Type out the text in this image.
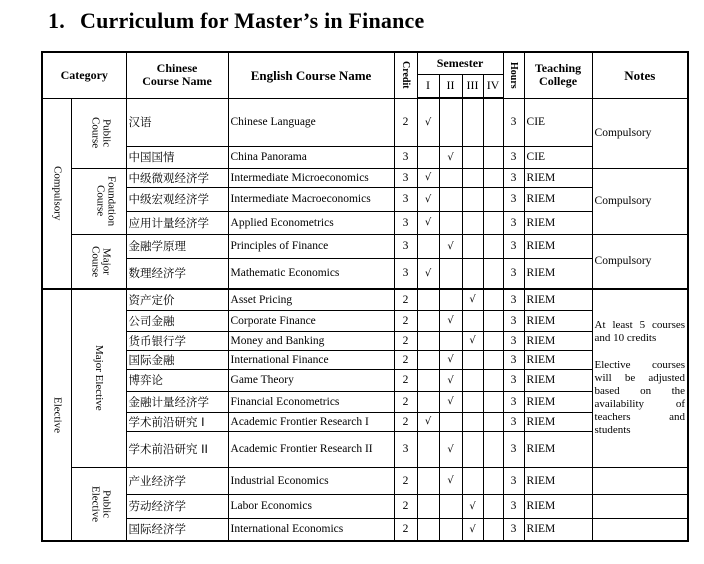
1. Curriculum for Master’s in Finance
Category		Chinese
Course Name	English Course Name	Credit	Semester				Hours	Teaching
College	Notes
					I	II	III	IV			

Compulsory	Public Course	汉语	Chinese Language	2	√				3	CIE	Compulsory
		中国国情	China Panorama	3		√			3	CIE	

	Foundation Course	中级微观经济学	Intermediate Microeconomics	3	√				3	RIEM	Compulsory
		中级宏观经济学	Intermediate Macroeconomics	3	√				3	RIEM	
		应用计量经济学	Applied Econometrics	3	√				3	RIEM	

	Major Course	金融学原理	Principles of Finance	3		√			3	RIEM	Compulsory
		数理经济学	Mathematic Economics	3	√				3	RIEM	

Elective	Major Elective	资产定价	Asset Pricing	2			√		3	RIEM	At least 5 courses and 10 credits
Elective courses will be adjusted based on the availability of teachers and students

		公司金融	Corporate Finance	2		√			3	RIEM	
		货币银行学	Money and Banking	2			√		3	RIEM	
		国际金融	International Finance	2		√			3	RIEM	
		博弈论	Game Theory	2		√			3	RIEM	
		金融计量经济学	Financial Econometrics	2		√			3	RIEM	
		学术前沿研究 I	Academic Frontier Research I	2	√				3	RIEM	
		学术前沿研究 II	Academic Frontier Research II	3		√			3	RIEM	

	Public Elective	产业经济学	Industrial Economics	2		√			3	RIEM	
		劳动经济学	Labor Economics	2			√		3	RIEM	
		国际经济学	International Economics	2			√		3	RIEM	
